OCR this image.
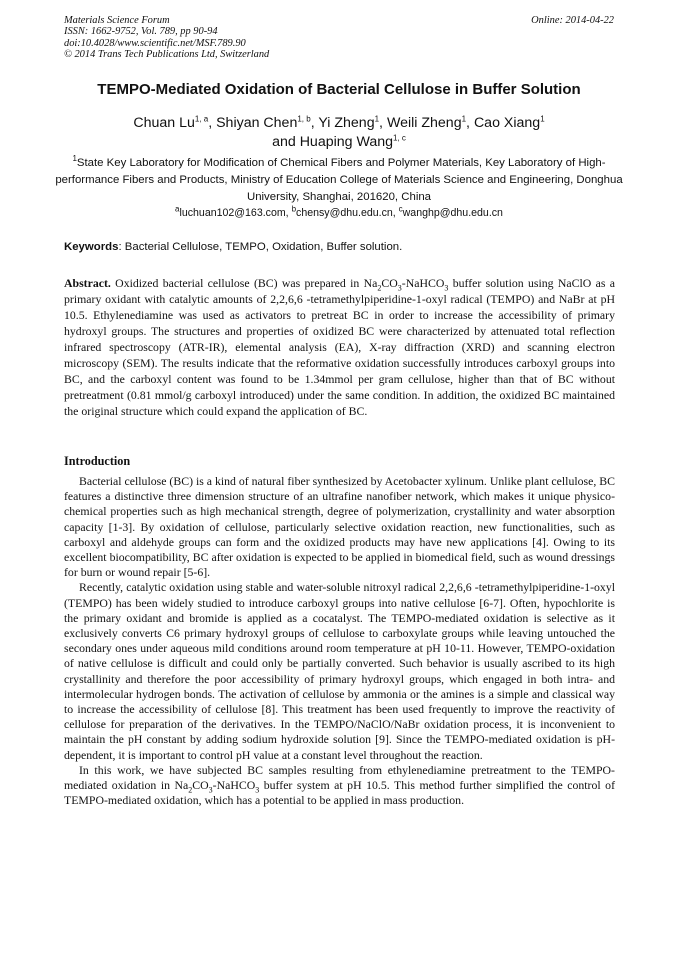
Materials Science Forum
ISSN: 1662-9752, Vol. 789, pp 90-94
doi:10.4028/www.scientific.net/MSF.789.90
© 2014 Trans Tech Publications Ltd, Switzerland
Online: 2014-04-22
TEMPO-Mediated Oxidation of Bacterial Cellulose in Buffer Solution
Chuan Lu$^{1, a}$, Shiyan Chen$^{1, b}$, Yi Zheng$^1$, Weili Zheng$^1$, Cao Xiang$^1$
and Huaping Wang$^{1, c}$
$^1$State Key Laboratory for Modification of Chemical Fibers and Polymer Materials, Key Laboratory of High-performance Fibers and Products, Ministry of Education College of Materials Science and Engineering, Donghua University, Shanghai, 201620, China
$^a$luchuan102@163.com, $^b$chensy@dhu.edu.cn, $^c$wanghp@dhu.edu.cn
Keywords: Bacterial Cellulose, TEMPO, Oxidation, Buffer solution.
Abstract. Oxidized bacterial cellulose (BC) was prepared in $Na_2CO_3-NaHCO_3$ buffer solution using NaClO as a primary oxidant with catalytic amounts of 2,2,6,6 -tetramethylpiperidine-1-oxyl radical (TEMPO) and NaBr at pH 10.5. Ethylenediamine was used as activators to pretreat BC in order to increase the accessibility of primary hydroxyl groups. The structures and properties of oxidized BC were characterized by attenuated total reflection infrared spectroscopy (ATR-IR), elemental analysis (EA), X-ray diffraction (XRD) and scanning electron microscopy (SEM). The results indicate that the reformative oxidation successfully introduces carboxyl groups into BC, and the carboxyl content was found to be 1.34mmol per gram cellulose, higher than that of BC without pretreatment (0.81 mmol/g carboxyl introduced) under the same condition. In addition, the oxidized BC maintained the original structure which could expand the application of BC.
Introduction

Bacterial cellulose (BC) is a kind of natural fiber synthesized by Acetobacter xylinum. Unlike plant cellulose, BC features a distinctive three dimension structure of an ultrafine nanofiber network, which makes it unique physico-chemical properties such as high mechanical strength, degree of polymerization, crystallinity and water absorption capacity [1-3]. By oxidation of cellulose, particularly selective oxidation reaction, new functionalities, such as carboxyl and aldehyde groups can form and the oxidized products may have new applications [4]. Owing to its excellent biocompatibility, BC after oxidation is expected to be applied in biomedical field, such as wound dressings for burn or wound repair [5-6].

Recently, catalytic oxidation using stable and water-soluble nitroxyl radical 2,2,6,6 -tetramethylpiperidine-1-oxyl (TEMPO) has been widely studied to introduce carboxyl groups into native cellulose [6-7]. Often, hypochlorite is the primary oxidant and bromide is applied as a cocatalyst. The TEMPO-mediated oxidation is selective as it exclusively converts C6 primary hydroxyl groups of cellulose to carboxylate groups while leaving untouched the secondary ones under aqueous mild conditions around room temperature at pH 10-11. However, TEMPO-oxidation of native cellulose is difficult and could only be partially converted. Such behavior is usually ascribed to its high crystallinity and therefore the poor accessibility of primary hydroxyl groups, which engaged in both intra- and intermolecular hydrogen bonds. The activation of cellulose by ammonia or the amines is a simple and classical way to increase the accessibility of cellulose [8]. This treatment has been used frequently to improve the reactivity of cellulose for preparation of the derivatives. In the TEMPO/NaClO/NaBr oxidation process, it is inconvenient to maintain the pH constant by adding sodium hydroxide solution [9]. Since the TEMPO-mediated oxidation is pH-dependent, it is important to control pH value at a constant level throughout the reaction.

In this work, we have subjected BC samples resulting from ethylenediamine pretreatment to the TEMPO-mediated oxidation in $Na_2CO_3-NaHCO_3$ buffer system at pH 10.5. This method further simplified the control of TEMPO-mediated oxidation, which has a potential to be applied in mass production.
